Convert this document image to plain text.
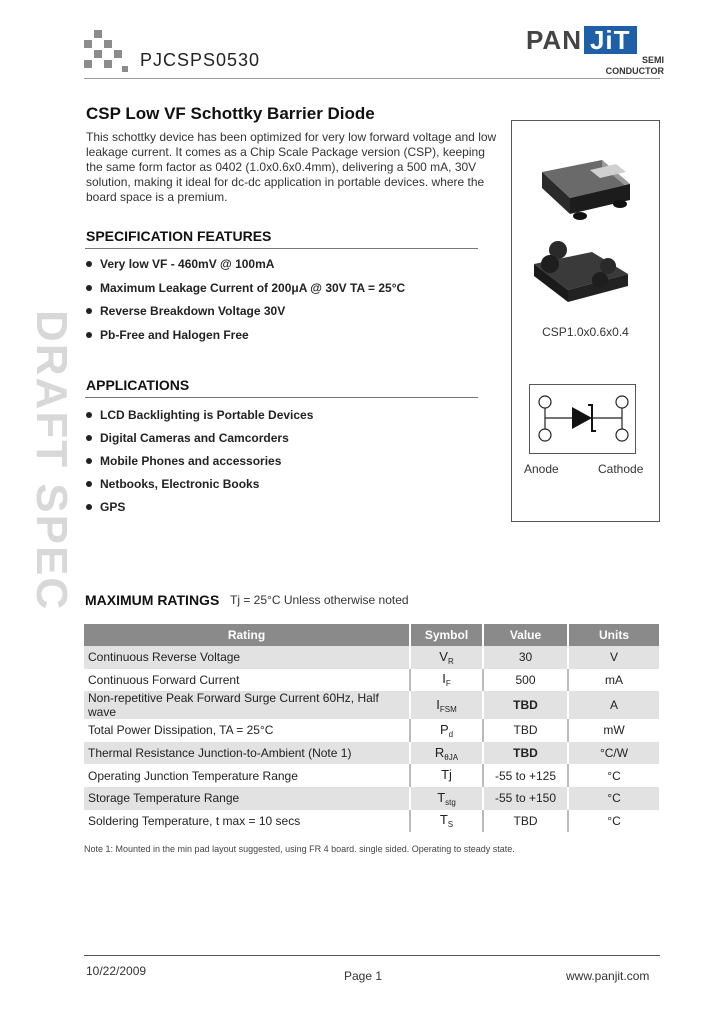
PJCSPS0530
PAN JiT
SEMI
CONDUCTOR
DRAFT SPEC
CSP Low VF Schottky Barrier Diode
This schottky device has been optimized for very low forward voltage and low leakage current. It comes as a Chip Scale Package version (CSP), keeping the same form factor as 0402 (1.0x0.6x0.4mm), delivering a 500 mA, 30V solution, making it ideal for dc-dc application in portable devices. where the board space is a premium.
SPECIFICATION FEATURES
Very low VF - 460mV @ 100mA
Maximum Leakage Current of 200μA @ 30V TA = 25°C
Reverse Breakdown Voltage 30V
Pb-Free and Halogen Free
APPLICATIONS
LCD Backlighting is Portable Devices
Digital Cameras and Camcorders
Mobile Phones and accessories
Netbooks, Electronic Books
GPS
CSP1.0x0.6x0.4
Anode	Cathode
MAXIMUM RATINGS Tj = 25°C Unless otherwise noted
Rating	Symbol	Value	Units
Continuous Reverse Voltage	$V_R$	30	V
Continuous Forward Current	$I_F$	500	mA
Non-repetitive Peak Forward Surge Current 60Hz, Half wave	$I_{FSM}$	TBD	A
Total Power Dissipation, TA = 25°C	$P_d$	TBD	mW
Thermal Resistance Junction-to-Ambient (Note 1)	$R_{\theta JA}$	TBD	°C/W
Operating Junction Temperature Range	Tj	-55 to +125	°C
Storage Temperature Range	$T_{stg}$	-55 to +150	°C
Soldering Temperature, t max = 10 secs	$T_S$	TBD	°C
Note 1: Mounted in the min pad layout suggested, using FR 4 board. single sided. Operating to steady state.
10/22/2009	Page 1	www.panjit.com
